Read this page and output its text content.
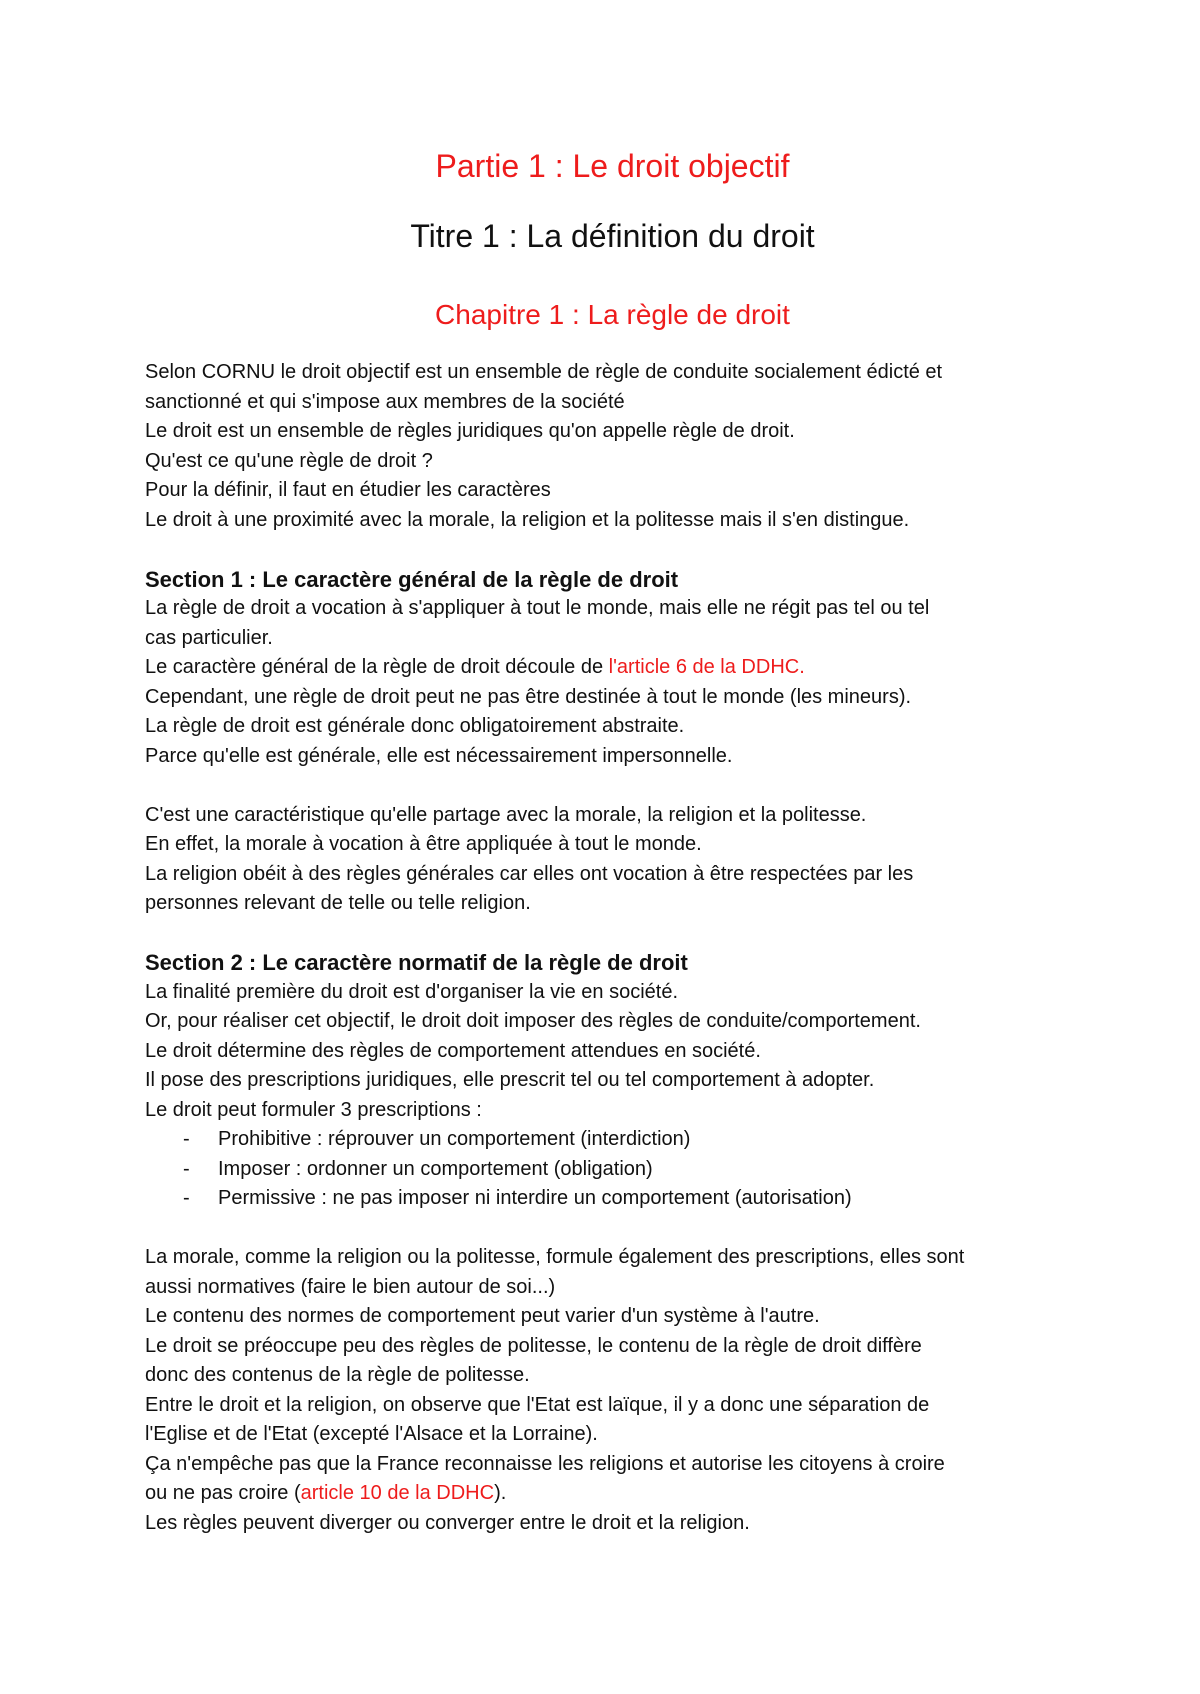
Partie 1 : Le droit objectif
Titre 1 : La définition du droit
Chapitre 1 : La règle de droit

Selon CORNU le droit objectif est un ensemble de règle de conduite socialement édicté et

sanctionné et qui s'impose aux membres de la société

Le droit est un ensemble de règles juridiques qu'on appelle règle de droit.

Qu'est ce qu'une règle de droit ?

Pour la définir, il faut en étudier les caractères

Le droit à une proximité avec la morale, la religion et la politesse mais il s'en distingue.

Section 1 : Le caractère général de la règle de droit

La règle de droit a vocation à s'appliquer à tout le monde, mais elle ne régit pas tel ou tel

cas particulier.

Le caractère général de la règle de droit découle de l'article 6 de la DDHC.

Cependant, une règle de droit peut ne pas être destinée à tout le monde (les mineurs).

La règle de droit est générale donc obligatoirement abstraite.

Parce qu'elle est générale, elle est nécessairement impersonnelle.

C'est une caractéristique qu'elle partage avec la morale, la religion et la politesse.

En effet, la morale à vocation à être appliquée à tout le monde.

La religion obéit à des règles générales car elles ont vocation à être respectées par les

personnes relevant de telle ou telle religion.

Section 2 : Le caractère normatif de la règle de droit

La finalité première du droit est d'organiser la vie en société.

Or, pour réaliser cet objectif, le droit doit imposer des règles de conduite/comportement.

Le droit détermine des règles de comportement attendues en société.

Il pose des prescriptions juridiques, elle prescrit tel ou tel comportement à adopter.

Le droit peut formuler 3 prescriptions :

- Prohibitive : réprouver un comportement (interdiction)
- Imposer : ordonner un comportement (obligation)
- Permissive : ne pas imposer ni interdire un comportement (autorisation)

La morale, comme la religion ou la politesse, formule également des prescriptions, elles sont

aussi normatives (faire le bien autour de soi...)

Le contenu des normes de comportement peut varier d'un système à l'autre.

Le droit se préoccupe peu des règles de politesse, le contenu de la règle de droit diffère

donc des contenus de la règle de politesse.

Entre le droit et la religion, on observe que l'Etat est laïque, il y a donc une séparation de

l'Eglise et de l'Etat (excepté l'Alsace et la Lorraine).

Ça n'empêche pas que la France reconnaisse les religions et autorise les citoyens à croire

ou ne pas croire (article 10 de la DDHC).

Les règles peuvent diverger ou converger entre le droit et la religion.
